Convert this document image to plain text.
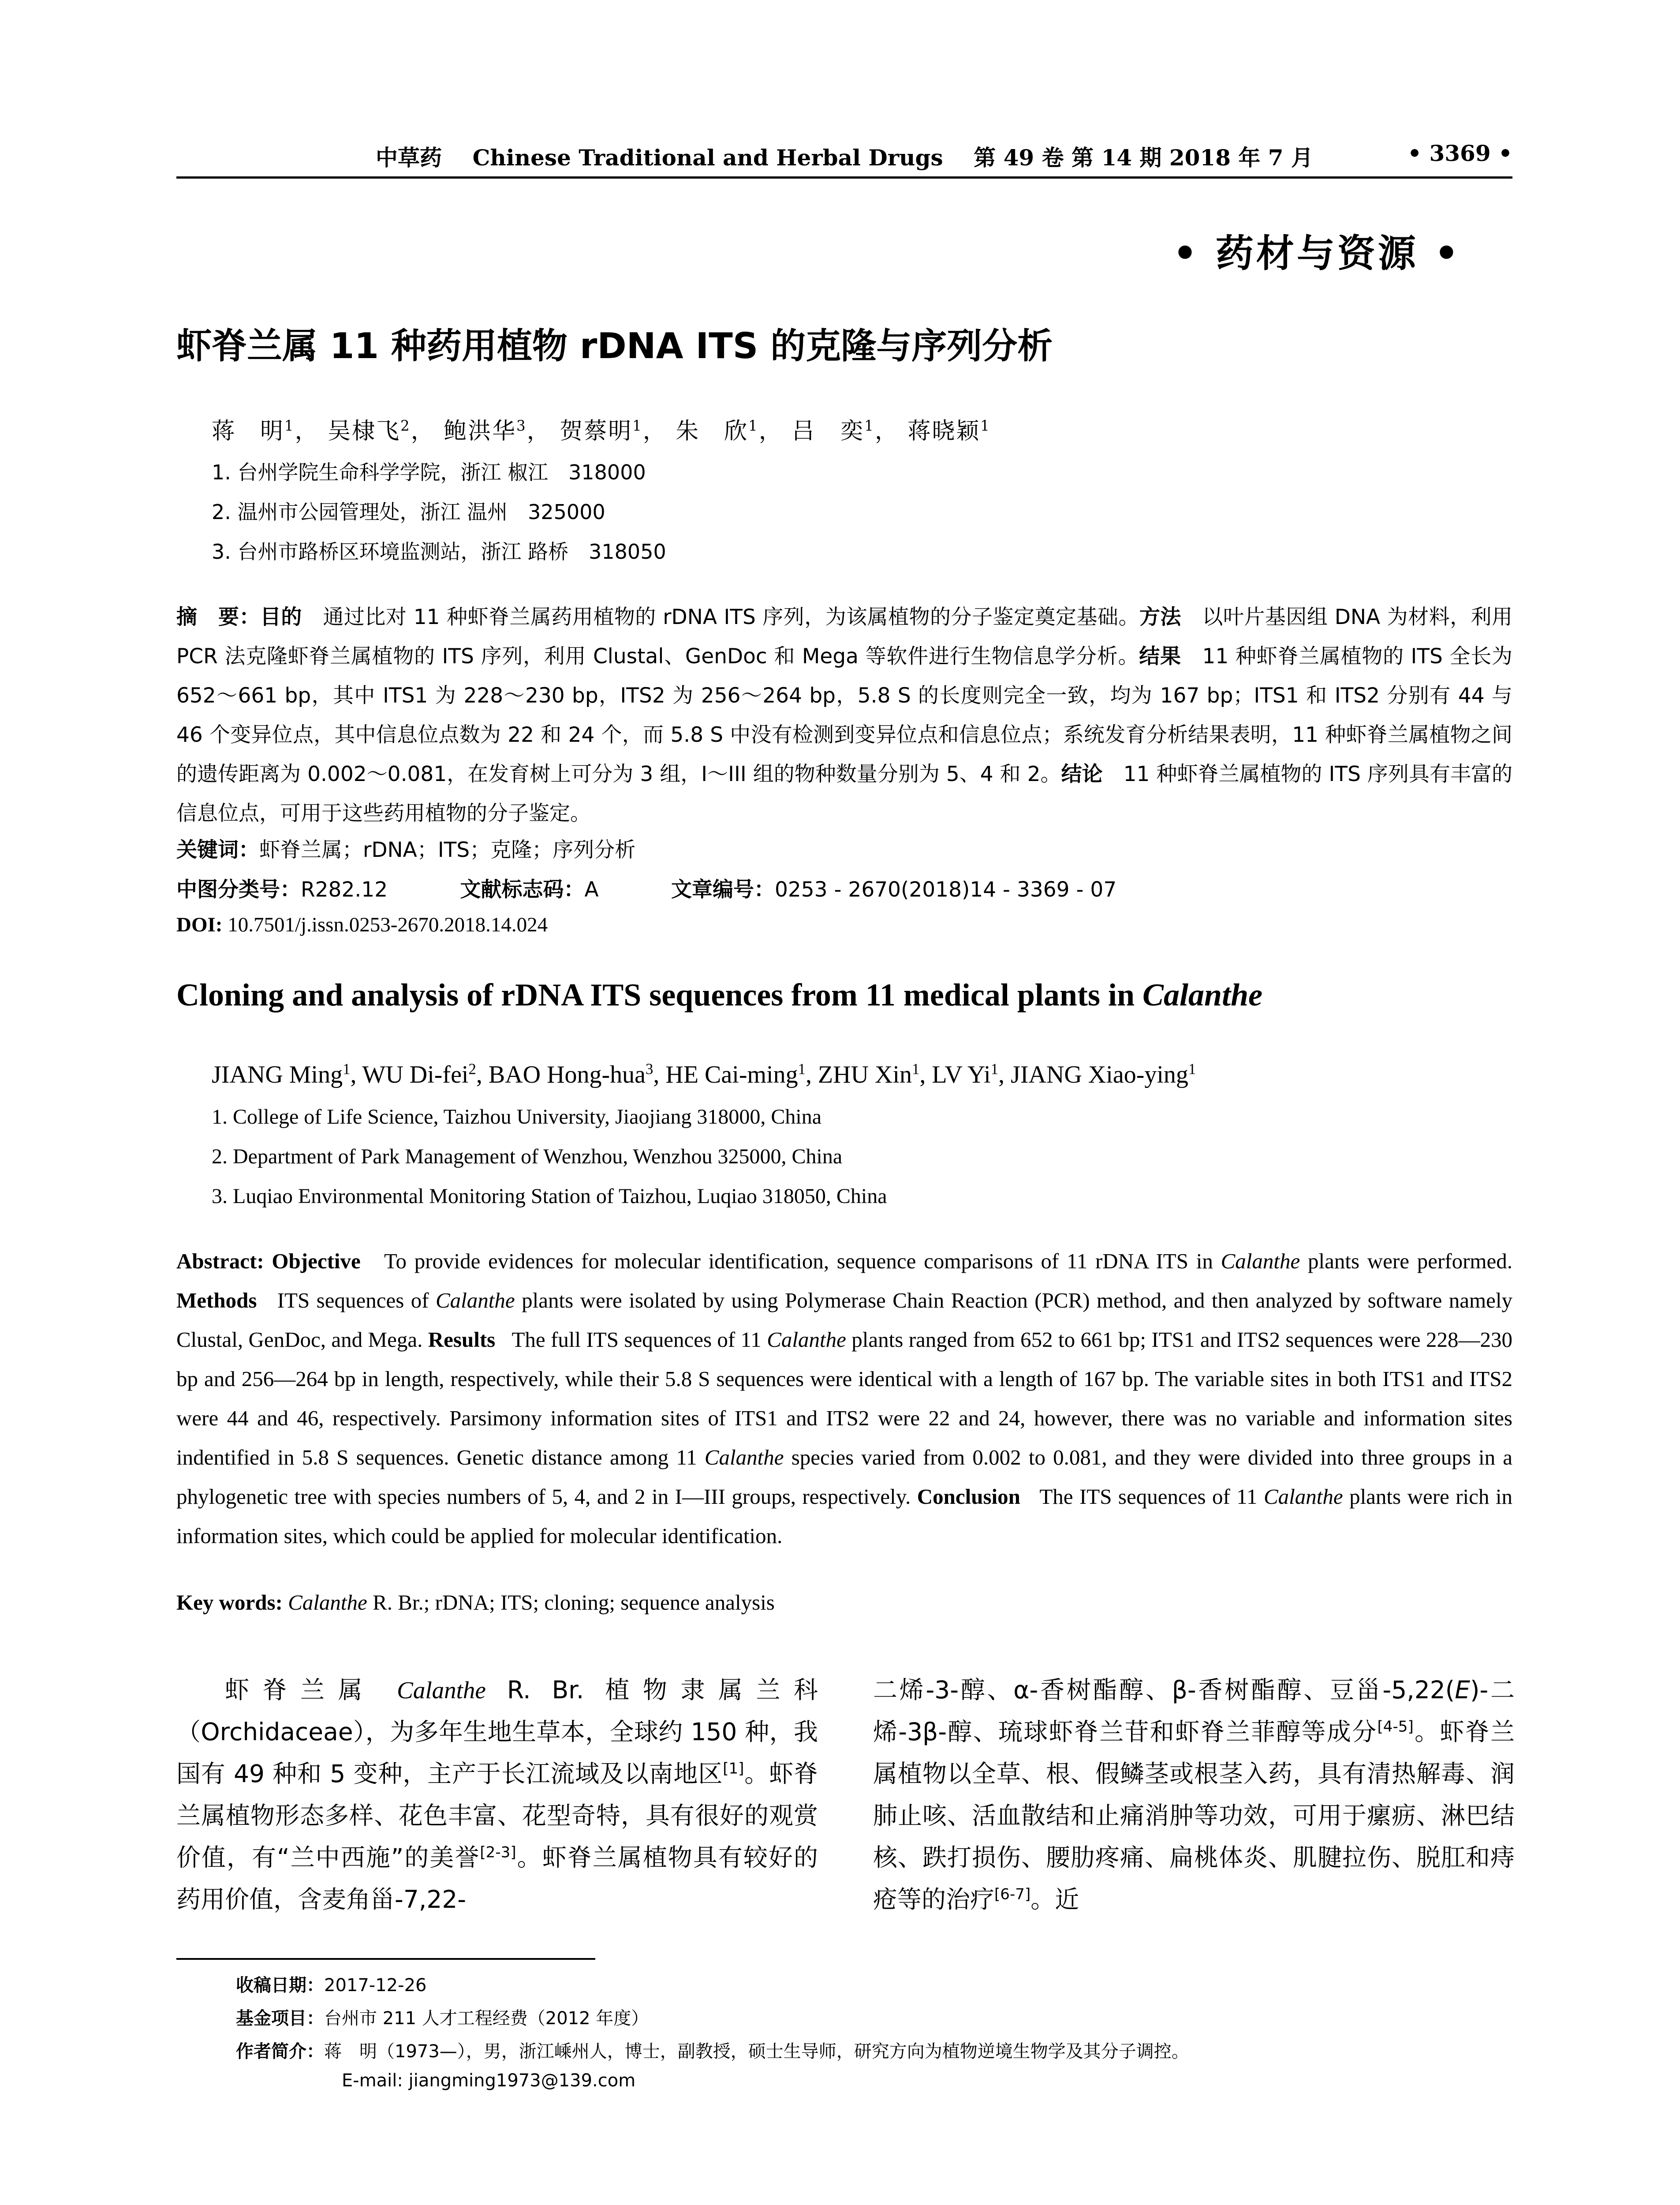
中草药 Chinese Traditional and Herbal Drugs 第 49 卷 第 14 期 2018 年 7 月	• 3369 •
• 药材与资源 •
虾脊兰属 11 种药用植物 rDNA ITS 的克隆与序列分析
蒋　明$^1$， 吴棣飞$^2$， 鲍洪华$^3$， 贺蔡明$^1$， 朱　欣$^1$， 吕　奕$^1$， 蒋晓颖$^1$
1. 台州学院生命科学学院，浙江 椒江　318000
2. 温州市公园管理处，浙江 温州　325000
3. 台州市路桥区环境监测站，浙江 路桥　318050
摘　要：目的　 通过比对 11 种虾脊兰属药用植物的 rDNA ITS 序列，为该属植物的分子鉴定奠定基础。方法　 以叶片基因组 DNA 为材料，利用 PCR 法克隆虾脊兰属植物的 ITS 序列，利用 Clustal、GenDoc 和 Mega 等软件进行生物信息学分析。结果　 11 种虾脊兰属植物的 ITS 全长为 652～661 bp，其中 ITS1 为 228～230 bp，ITS2 为 256～264 bp，5.8 S 的长度则完全一致，均为 167 bp；ITS1 和 ITS2 分别有 44 与 46 个变异位点，其中信息位点数为 22 和 24 个，而 5.8 S 中没有检测到变异位点和信息位点；系统发育分析结果表明，11 种虾脊兰属植物之间的遗传距离为 0.002～0.081，在发育树上可分为 3 组，I～III 组的物种数量分别为 5、4 和 2。结论　 11 种虾脊兰属植物的 ITS 序列具有丰富的信息位点，可用于这些药用植物的分子鉴定。
关键词：虾脊兰属；rDNA；ITS；克隆；序列分析
中图分类号：R282.12	文献标志码：A	文章编号：0253 - 2670(2018)14 - 3369 - 07
DOI: 10.7501/j.issn.0253-2670.2018.14.024
Cloning and analysis of rDNA ITS sequences from 11 medical plants in Calanthe
JIANG Ming$^1$, WU Di-fei$^2$, BAO Hong-hua$^3$, HE Cai-ming$^1$, ZHU Xin$^1$, LV Yi$^1$, JIANG Xiao-ying$^1$
1. College of Life Science, Taizhou University, Jiaojiang 318000, China
2. Department of Park Management of Wenzhou, Wenzhou 325000, China
3. Luqiao Environmental Monitoring Station of Taizhou, Luqiao 318050, China
Abstract: Objective To provide evidences for molecular identification, sequence comparisons of 11 rDNA ITS in Calanthe plants were performed. Methods ITS sequences of Calanthe plants were isolated by using Polymerase Chain Reaction (PCR) method, and then analyzed by software namely Clustal, GenDoc, and Mega. Results The full ITS sequences of 11 Calanthe plants ranged from 652 to 661 bp; ITS1 and ITS2 sequences were 228—230 bp and 256—264 bp in length, respectively, while their 5.8 S sequences were identical with a length of 167 bp. The variable sites in both ITS1 and ITS2 were 44 and 46, respectively. Parsimony information sites of ITS1 and ITS2 were 22 and 24, however, there was no variable and information sites indentified in 5.8 S sequences. Genetic distance among 11 Calanthe species varied from 0.002 to 0.081, and they were divided into three groups in a phylogenetic tree with species numbers of 5, 4, and 2 in I—III groups, respectively. Conclusion The ITS sequences of 11 Calanthe plants were rich in information sites, which could be applied for molecular identification.
Key words: Calanthe R. Br.; rDNA; ITS; cloning; sequence analysis
虾脊兰属 Calanthe R. Br. 植物隶属兰科（Orchidaceae），为多年生地生草本，全球约 150 种，我国有 49 种和 5 变种，主产于长江流域及以南地区[1]。虾脊兰属植物形态多样、花色丰富、花型奇特，具有很好的观赏价值，有“兰中西施”的美誉[2-3]。虾脊兰属植物具有较好的药用价值，含麦角甾-7,22-
二烯-3-醇、α-香树酯醇、β-香树酯醇、豆甾-5,22(E)-二烯-3β-醇、琉球虾脊兰苷和虾脊兰菲醇等成分[4-5]。虾脊兰属植物以全草、根、假鳞茎或根茎入药，具有清热解毒、润肺止咳、活血散结和止痛消肿等功效，可用于瘰疬、淋巴结核、跌打损伤、腰肋疼痛、扁桃体炎、肌腱拉伤、脱肛和痔疮等的治疗[6-7]。近
收稿日期：2017-12-26
基金项目：台州市 211 人才工程经费（2012 年度）
作者简介：蒋　明（1973—），男，浙江嵊州人，博士，副教授，硕士生导师，研究方向为植物逆境生物学及其分子调控。
E-mail: jiangming1973@139.com
